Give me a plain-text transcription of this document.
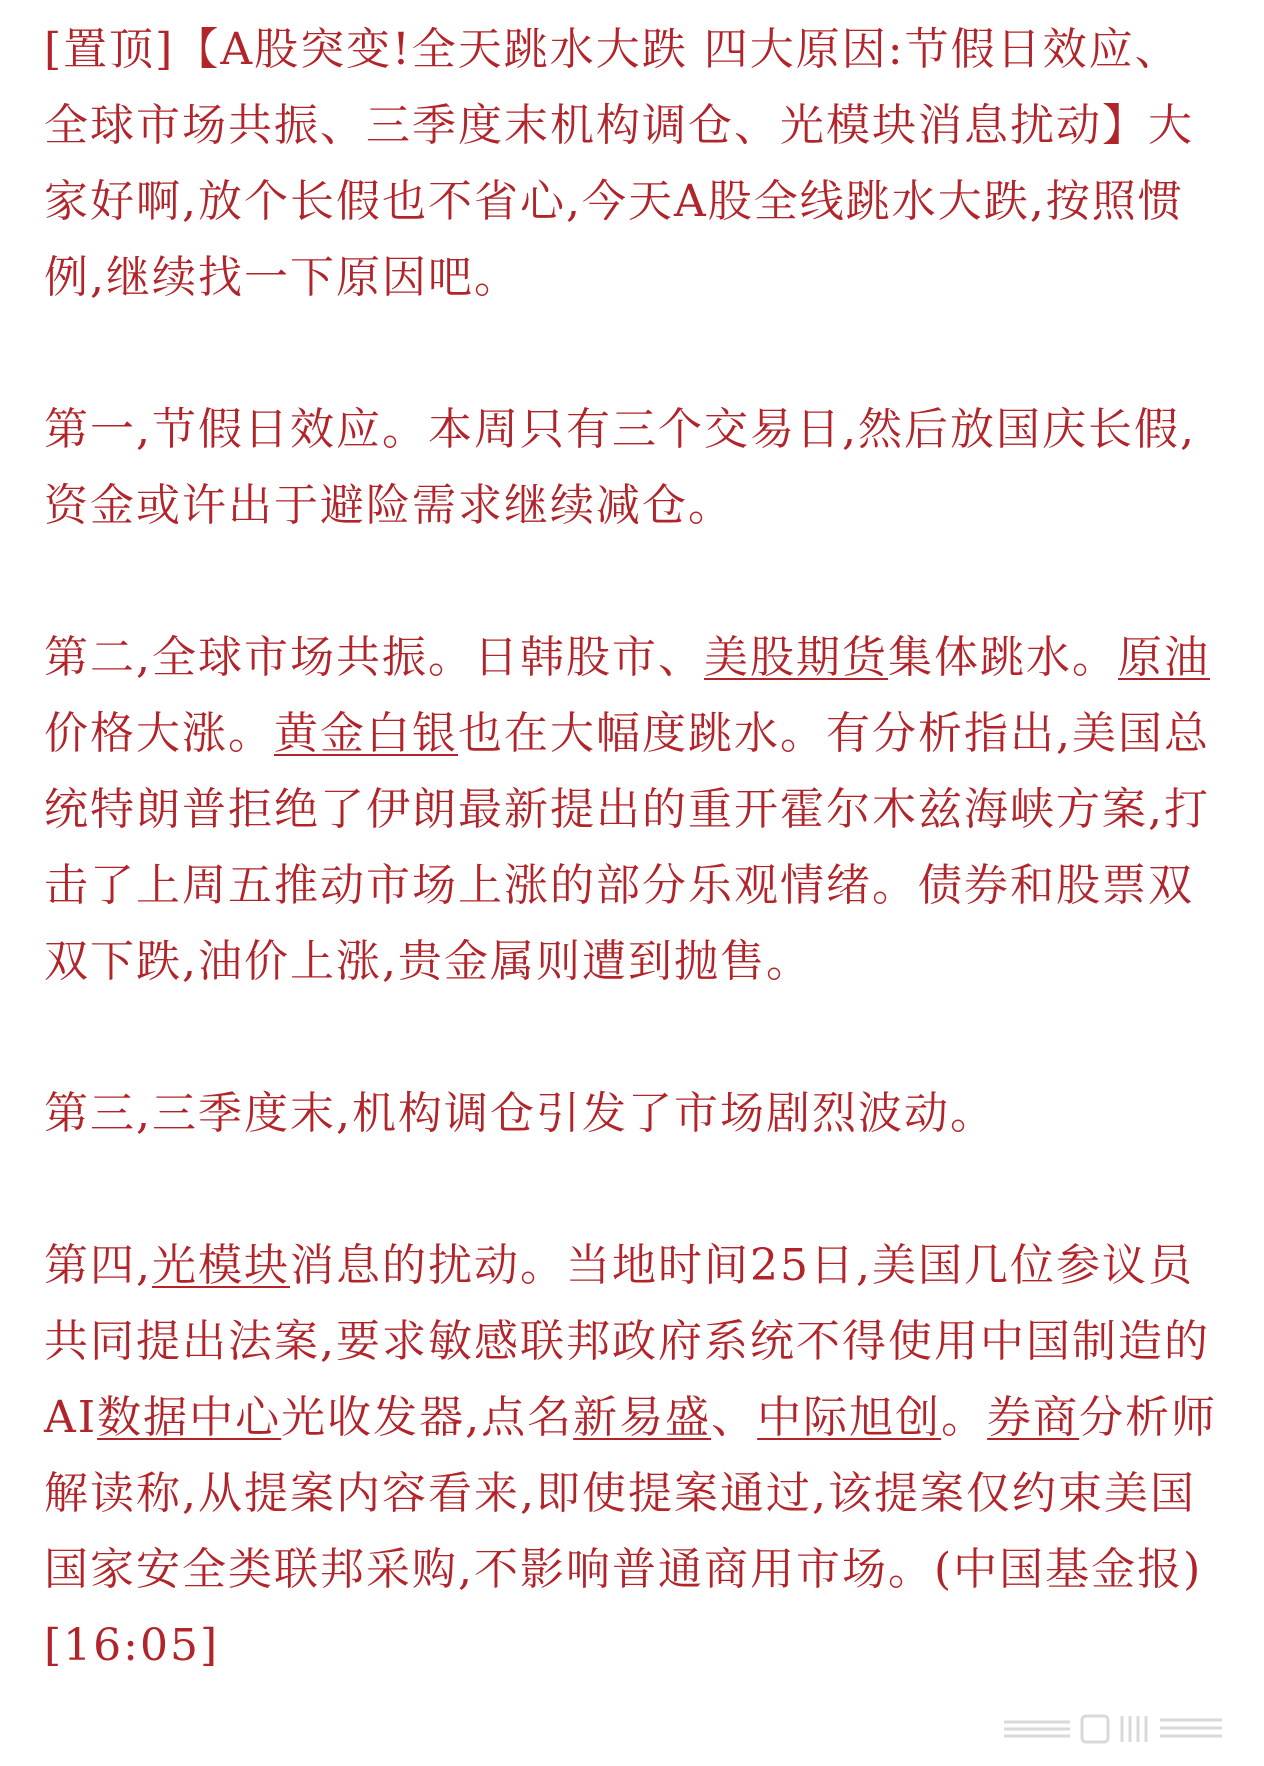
[置顶]【A股突变!全天跳水大跌 四大原因:节假日效应、全球市场共振、三季度末机构调仓、光模块消息扰动】大家好啊,放个长假也不省心,今天A股全线跳水大跌,按照惯例,继续找一下原因吧。

第一,节假日效应。本周只有三个交易日,然后放国庆长假,资金或许出于避险需求继续减仓。

第二,全球市场共振。日韩股市、美股期货集体跳水。原油价格大涨。黄金白银也在大幅度跳水。有分析指出,美国总统特朗普拒绝了伊朗最新提出的重开霍尔木兹海峡方案,打击了上周五推动市场上涨的部分乐观情绪。债券和股票双双下跌,油价上涨,贵金属则遭到抛售。

第三,三季度末,机构调仓引发了市场剧烈波动。

第四,光模块消息的扰动。当地时间25日,美国几位参议员共同提出法案,要求敏感联邦政府系统不得使用中国制造的AI数据中心光收发器,点名新易盛、中际旭创。券商分析师解读称,从提案内容看来,即使提案通过,该提案仅约束美国国家安全类联邦采购,不影响普通商用市场。(中国基金报)[16:05]
